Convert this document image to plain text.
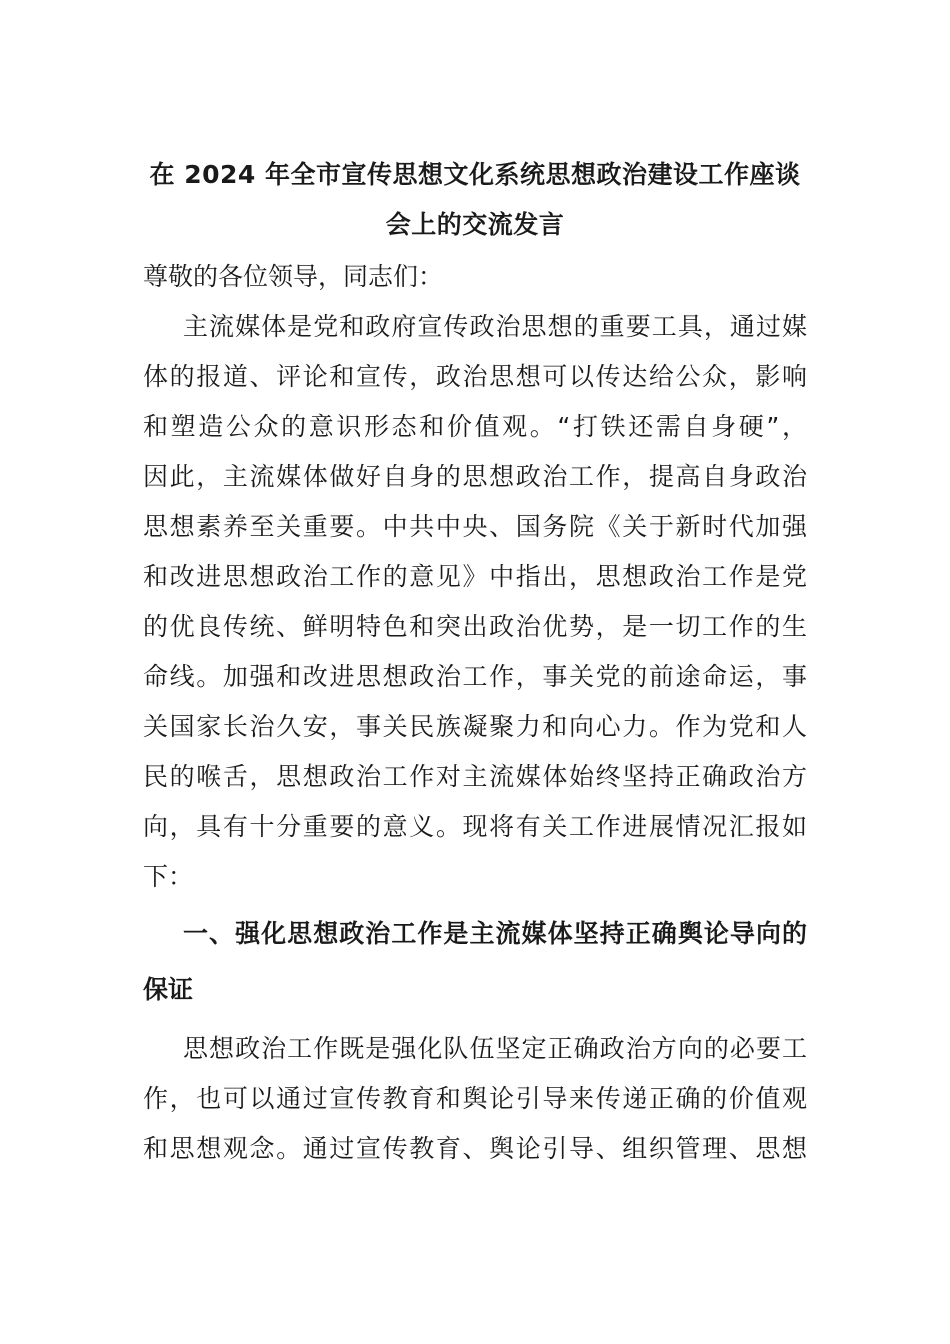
在 2024 年全市宣传思想文化系统思想政治建设工作座谈
会上的交流发言

尊敬的各位领导，同志们：

主流媒体是党和政府宣传政治思想的重要工具，通过媒
体的报道、评论和宣传，政治思想可以传达给公众，影响
和塑造公众的意识形态和价值观。“打铁还需自身硬”，
因此，主流媒体做好自身的思想政治工作，提高自身政治
思想素养至关重要。中共中央、国务院《关于新时代加强
和改进思想政治工作的意见》中指出，思想政治工作是党
的优良传统、鲜明特色和突出政治优势，是一切工作的生
命线。加强和改进思想政治工作，事关党的前途命运，事
关国家长治久安，事关民族凝聚力和向心力。作为党和人
民的喉舌，思想政治工作对主流媒体始终坚持正确政治方
向，具有十分重要的意义。现将有关工作进展情况汇报如
下：

一、强化思想政治工作是主流媒体坚持正确舆论导向的
保证

思想政治工作既是强化队伍坚定正确政治方向的必要工
作，也可以通过宣传教育和舆论引导来传递正确的价值观
和思想观念。通过宣传教育、舆论引导、组织管理、思想
